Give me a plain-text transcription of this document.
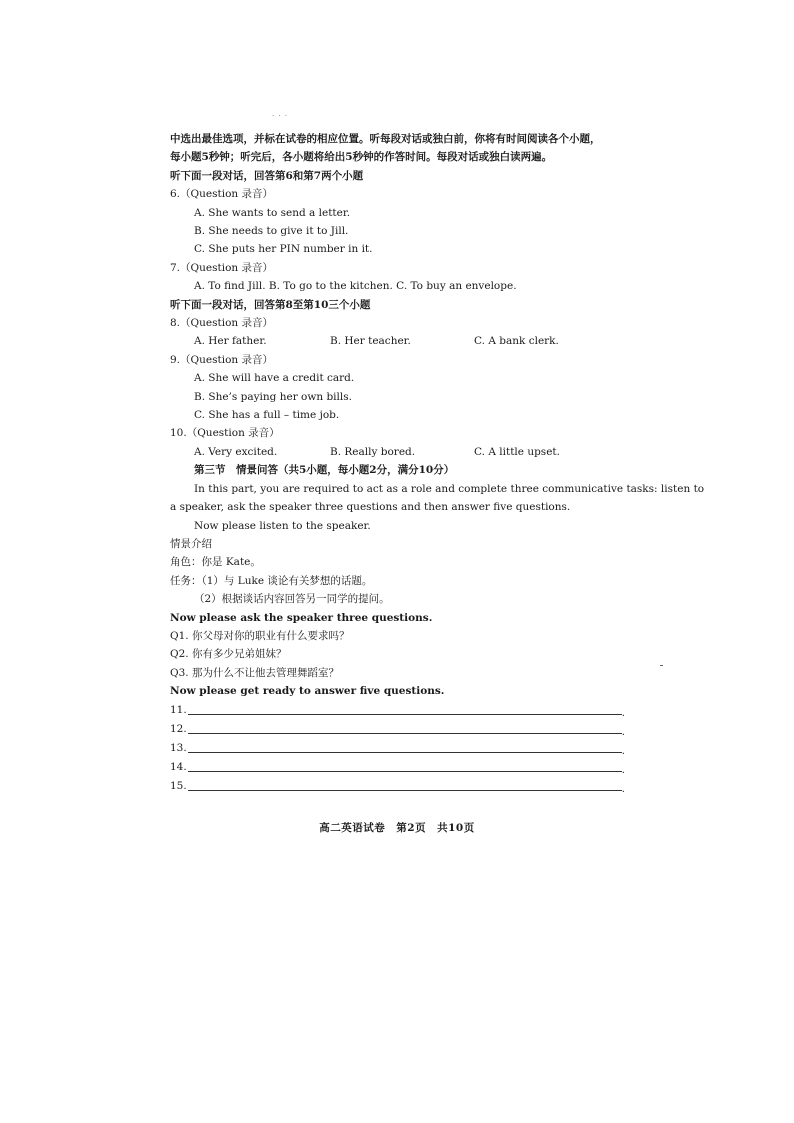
· · ·
中选出最佳选项，并标在试卷的相应位置。听每段对话或独白前，你将有时间阅读各个小题，
每小题5秒钟；听完后，各小题将给出5秒钟的作答时间。每段对话或独白读两遍。
听下面一段对话，回答第6和第7两个小题
6.（Question 录音）
A. She wants to send a letter.
B. She needs to give it to Jill.
C. She puts her PIN number in it.
7.（Question 录音）
A. To find Jill. B. To go to the kitchen. C. To buy an envelope.
听下面一段对话，回答第8至第10三个小题
8.（Question 录音）
A. Her father.	B. Her teacher.	C. A bank clerk.
9.（Question 录音）
A. She will have a credit card.
B. She’s paying her own bills.
C. She has a full – time job.
10.（Question 录音）
A. Very excited.	B. Really bored.	C. A little upset.
第三节　情景问答（共5小题，每小题2分，满分10分）
In this part, you are required to act as a role and complete three communicative tasks: listen to
a speaker, ask the speaker three questions and then answer five questions.
Now please listen to the speaker.
情景介绍
角色：你是 Kate。
任务：（1）与 Luke 谈论有关梦想的话题。
（2）根据谈话内容回答另一同学的提问。
Now please ask the speaker three questions.
Q1. 你父母对你的职业有什么要求吗？
Q2. 你有多少兄弟姐妹？
Q3. 那为什么不让他去管理舞蹈室？
Now please get ready to answer five questions.
11.	.
12.	.
13.	.
14.	.
15.	.
高二英语试卷　第2页　共10页
